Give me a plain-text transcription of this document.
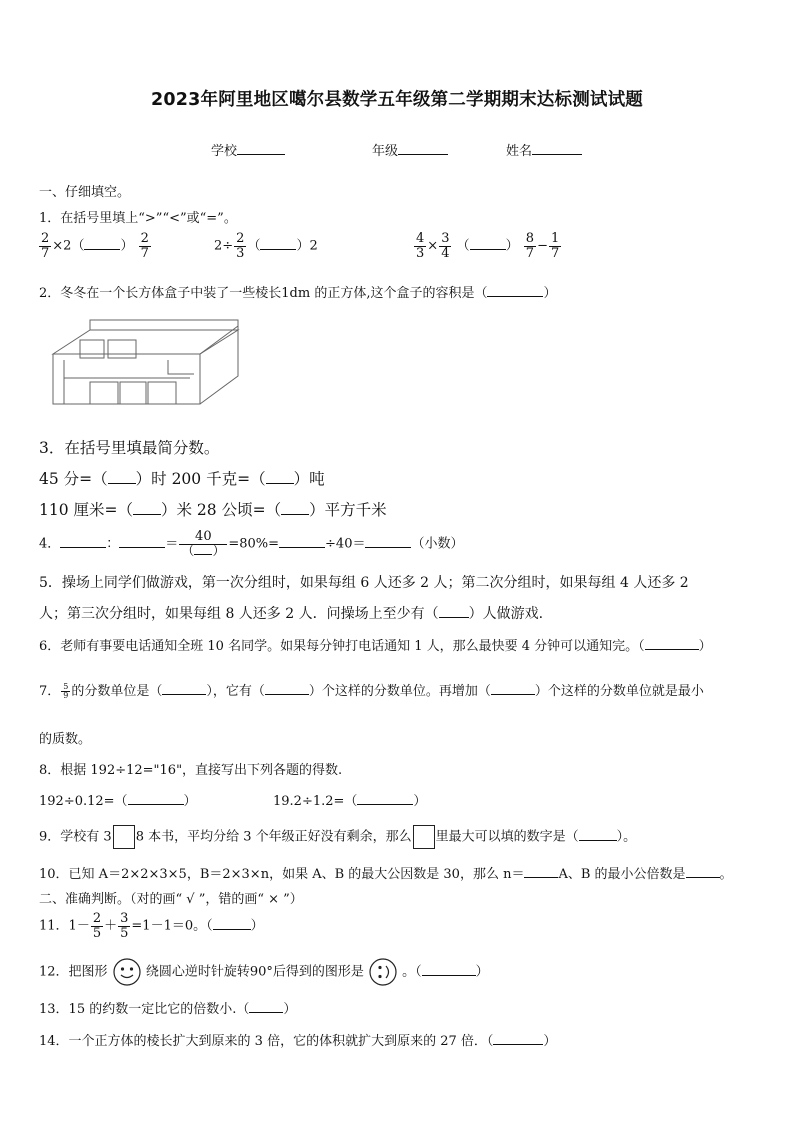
2023年阿里地区噶尔县数学五年级第二学期期末达标测试试题
学校	年级	姓名
一、仔细填空。
1．在括号里填上“>”“<”或“=”。
$\frac{2}{7} \times 2$（	） $\frac{2}{7}$	$2\div \frac{2}{3}$ （	）2	$\frac{4}{3} \times \frac{3}{4}$ （	） $\frac{8}{7} - \frac{1}{7}$
2．冬冬在一个长方体盒子中装了一些棱长1dm 的正方体,这个盒子的容积是（	）
3．在括号里填最简分数。
45 分=（ ）时 200 千克=（ ）吨
110 厘米=（ ）米 28 公顷=（ ）平方千米
4．	：	＝ $\frac{40}{( )} =80\%=$	÷40＝	（小数）
5．操场上同学们做游戏，第一次分组时，如果每组 6 人还多 2 人；第二次分组时，如果每组 4 人还多 2
人；第三次分组时，如果每组 8 人还多 2 人．问操场上至少有（ ）人做游戏.
6．老师有事要电话通知全班 10 名同学。如果每分钟打电话通知 1 人，那么最快要 4 分钟可以通知完。（	）
7． $\frac{5}{9}$ 的分数单位是（	），它有（	）个这样的分数单位。再增加（	）个这样的分数单位就是最小
的质数。
8．根据 192÷12="16"，直接写出下列各题的得数.
192÷0.12=（	）	19.2÷1.2=（	）
9．学校有 3 8 本书，平均分给 3 个年级正好没有剩余，那么 里最大可以填的数字是（	）。
10．已知 A＝2×2×3×5，B＝2×3×n，如果 A、B 的最大公因数是 30，那么 n＝	A、B 的最小公倍数是	。
二、准确判断。（对的画“ √ ”，错的画“ × ”）
11．$1- \frac{2}{5} + \frac{3}{5} =1-1=0$。（	）
12．把图形	绕圆心逆时针旋转90°后得到的图形是	。（	）
13．15 的约数一定比它的倍数小.（	）
14．一个正方体的棱长扩大到原来的 3 倍，它的体积就扩大到原来的 27 倍．（	）
